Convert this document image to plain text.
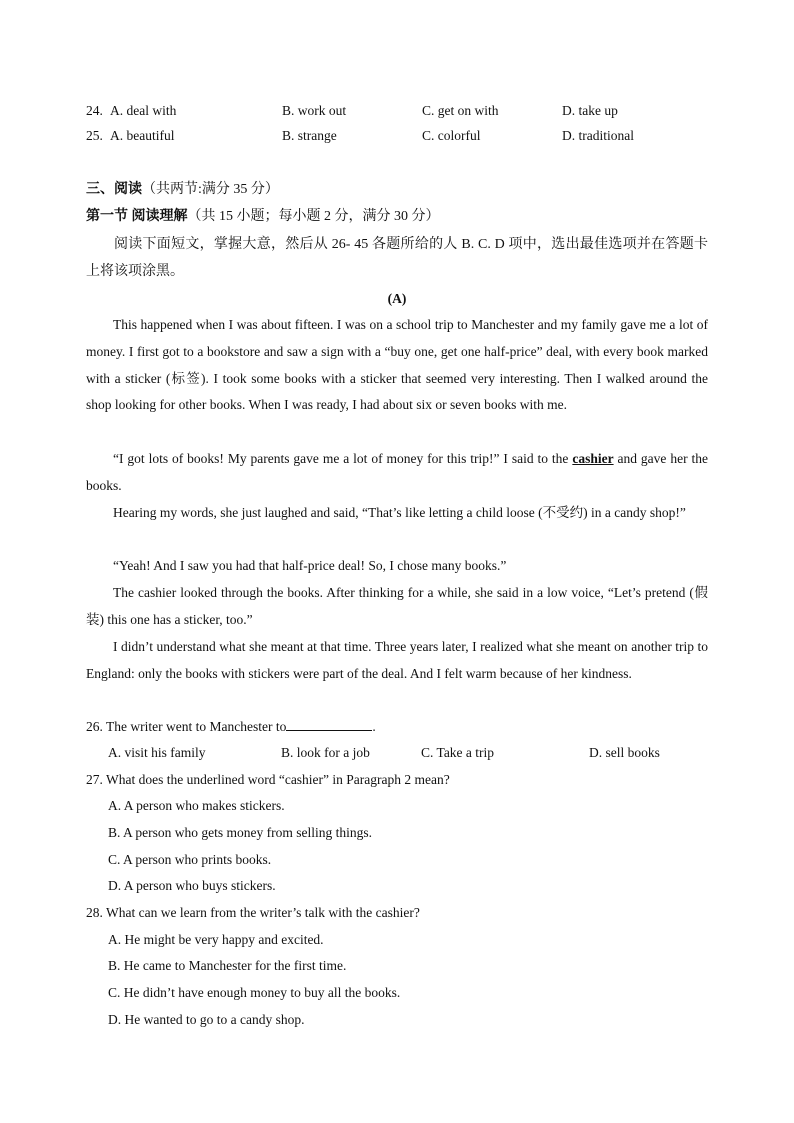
24. A. deal with	B. work out	C. get on with	D. take up
25. A. beautiful	B. strange	C. colorful	D. traditional
三、阅读（共两节:满分 35 分）
第一节 阅读理解（共 15 小题；每小题 2 分，满分 30 分）
阅读下面短文，掌握大意，然后从 26- 45 各题所给的人 B. C. D 项中，选出最佳选项并在答题卡上将该项涂黑。
(A)
This happened when I was about fifteen. I was on a school trip to Manchester and my family gave me a lot of money. I first got to a bookstore and saw a sign with a “buy one, get one half-price” deal, with every book marked with a sticker (标签). I took some books with a sticker that seemed very interesting. Then I walked around the shop looking for other books. When I was ready, I had about six or seven books with me.
“I got lots of books! My parents gave me a lot of money for this trip!” I said to the cashier and gave her the books.
Hearing my words, she just laughed and said, “That’s like letting a child loose (不受约) in a candy shop!”
“Yeah! And I saw you had that half-price deal! So, I chose many books.”
The cashier looked through the books. After thinking for a while, she said in a low voice, “Let’s pretend (假装) this one has a sticker, too.”
I didn’t understand what she meant at that time. Three years later, I realized what she meant on another trip to England: only the books with stickers were part of the deal. And I felt warm because of her kindness.
26. The writer went to Manchester to	.
A. visit his family	B. look for a job	C. Take a trip	D. sell books
27. What does the underlined word “cashier” in Paragraph 2 mean?
A. A person who makes stickers.
B. A person who gets money from selling things.
C. A person who prints books.
D. A person who buys stickers.
28. What can we learn from the writer’s talk with the cashier?
A. He might be very happy and excited.
B. He came to Manchester for the first time.
C. He didn’t have enough money to buy all the books.
D. He wanted to go to a candy shop.
